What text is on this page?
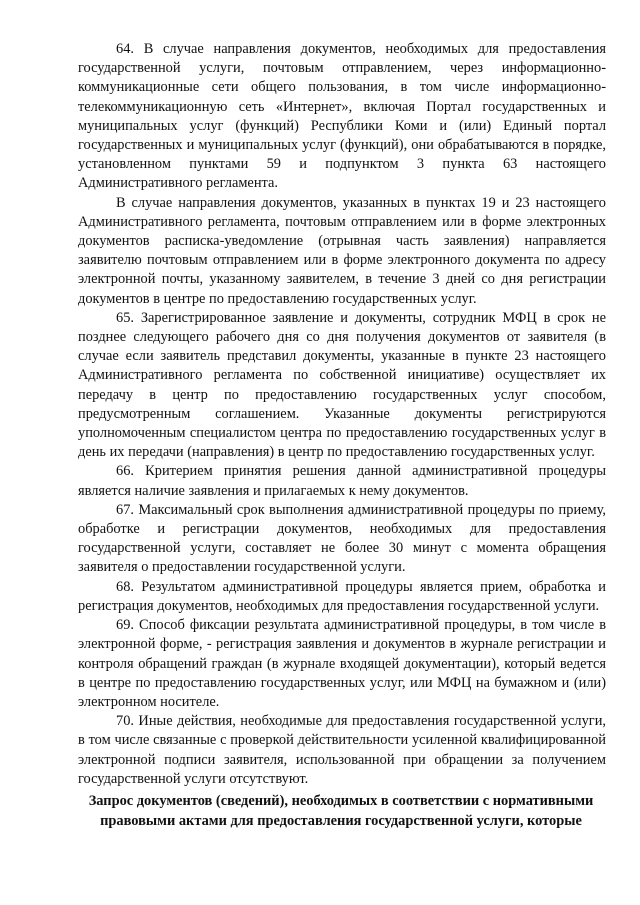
64. В случае направления документов, необходимых для предоставления государственной услуги, почтовым отправлением, через информационно-коммуникационные сети общего пользования, в том числе информационно-телекоммуникационную сеть «Интернет», включая Портал государственных и муниципальных услуг (функций) Республики Коми и (или) Единый портал государственных и муниципальных услуг (функций), они обрабатываются в порядке, установленном пунктами 59 и подпунктом 3 пункта 63 настоящего Административного регламента.

В случае направления документов, указанных в пунктах 19 и 23 настоящего Административного регламента, почтовым отправлением или в форме электронных документов расписка-уведомление (отрывная часть заявления) направляется заявителю почтовым отправлением или в форме электронного документа по адресу электронной почты, указанному заявителем, в течение 3 дней со дня регистрации документов в центре по предоставлению государственных услуг.

65. Зарегистрированное заявление и документы, сотрудник МФЦ в срок не позднее следующего рабочего дня со дня получения документов от заявителя (в случае если заявитель представил документы, указанные в пункте 23 настоящего Административного регламента по собственной инициативе) осуществляет их передачу в центр по предоставлению государственных услуг способом, предусмотренным соглашением. Указанные документы регистрируются уполномоченным специалистом центра по предоставлению государственных услуг в день их передачи (направления) в центр по предоставлению государственных услуг.

66. Критерием принятия решения данной административной процедуры является наличие заявления и прилагаемых к нему документов.

67. Максимальный срок выполнения административной процедуры по приему, обработке и регистрации документов, необходимых для предоставления государственной услуги, составляет не более 30 минут с момента обращения заявителя о предоставлении государственной услуги.

68. Результатом административной процедуры является прием, обработка и регистрация документов, необходимых для предоставления государственной услуги.

69. Способ фиксации результата административной процедуры, в том числе в электронной форме, - регистрация заявления и документов в журнале регистрации и контроля обращений граждан (в журнале входящей документации), который ведется в центре по предоставлению государственных услуг, или МФЦ на бумажном и (или) электронном носителе.

70. Иные действия, необходимые для предоставления государственной услуги, в том числе связанные с проверкой действительности усиленной квалифицированной электронной подписи заявителя, использованной при обращении за получением государственной услуги отсутствуют.

Запрос документов (сведений), необходимых в соответствии с нормативными правовыми актами для предоставления государственной услуги, которые
